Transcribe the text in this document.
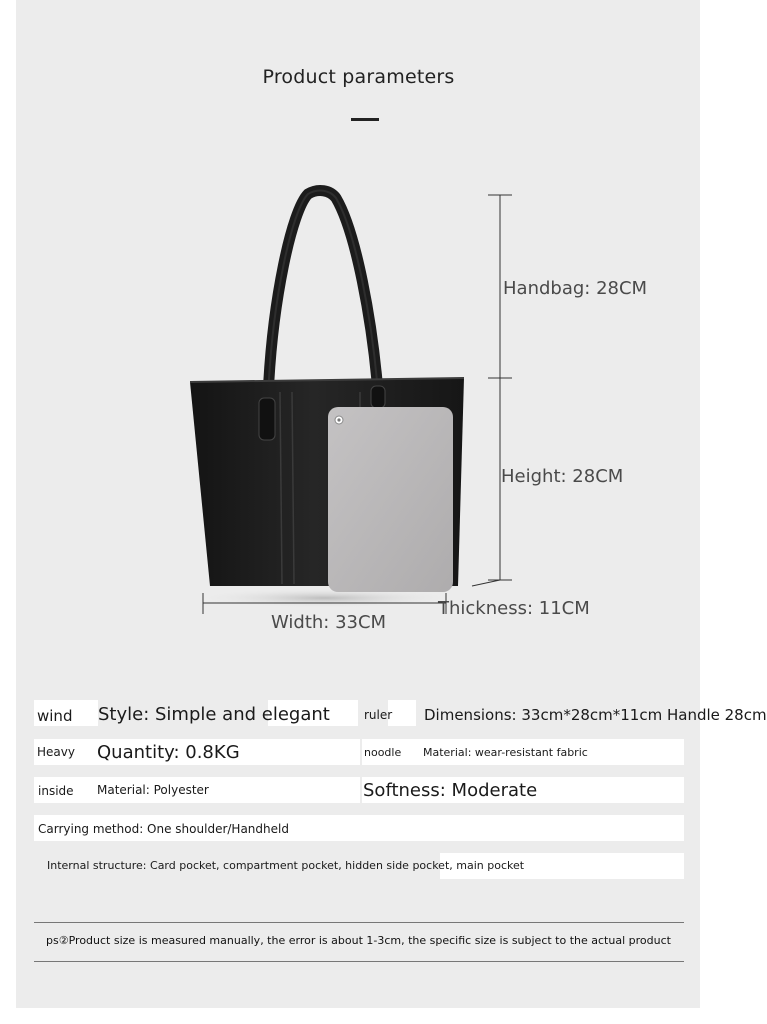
Product parameters
Handbag: 28CM
Height: 28CM
Thickness: 11CM
Width: 33CM
wind Style: Simple and elegant	ruler Dimensions: 33cm*28cm*11cm Handle 28cm
Heavy Quantity: 0.8KG	noodle Material: wear-resistant fabric
inside Material: Polyester	Softness: Moderate
Carrying method: One shoulder/Handheld
Internal structure: Card pocket, compartment pocket, hidden side pocket, main pocket
ps②Product size is measured manually, the error is about 1-3cm, the specific size is subject to the actual product
